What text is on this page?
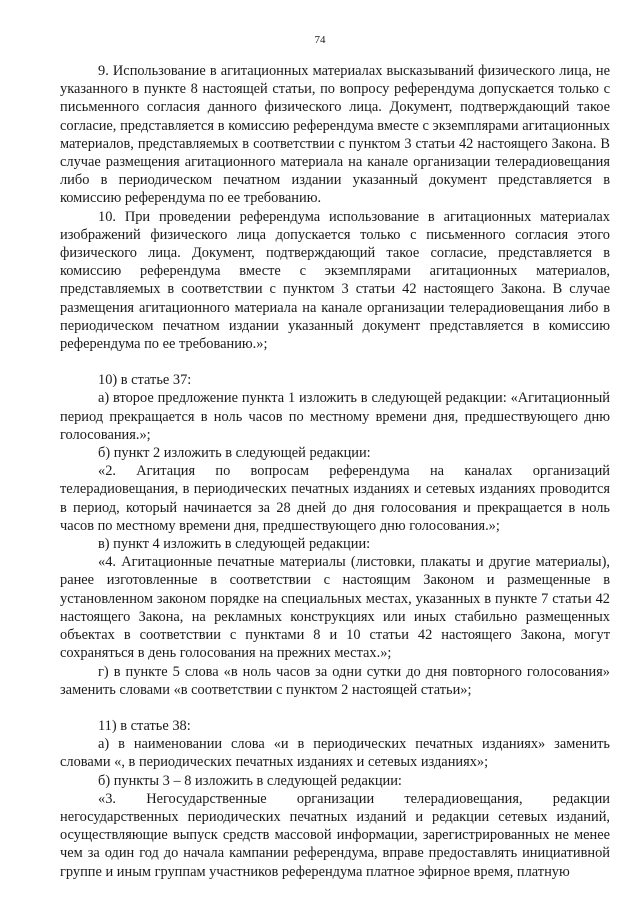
74

9. Использование в агитационных материалах высказываний физического лица, не указанного в пункте 8 настоящей статьи, по вопросу референдума допускается только с письменного согласия данного физического лица. Документ, подтверждающий такое согласие, представляется в комиссию референдума вместе с экземплярами агитационных материалов, представляемых в соответствии с пунктом 3 статьи 42 настоящего Закона. В случае размещения агитационного материала на канале организации телерадиовещания либо в периодическом печатном издании указанный документ представляется в комиссию референдума по ее требованию.

10. При проведении референдума использование в агитационных материалах изображений физического лица допускается только с письменного согласия этого физического лица. Документ, подтверждающий такое согласие, представляется в комиссию референдума вместе с экземплярами агитационных материалов, представляемых в соответствии с пунктом 3 статьи 42 настоящего Закона. В случае размещения агитационного материала на канале организации телерадиовещания либо в периодическом печатном издании указанный документ представляется в комиссию референдума по ее требованию.»;

10) в статье 37:

а) второе предложение пункта 1 изложить в следующей редакции: «Агитационный период прекращается в ноль часов по местному времени дня, предшествующего дню голосования.»;

б) пункт 2 изложить в следующей редакции:

«2. Агитация по вопросам референдума на каналах организаций телерадиовещания, в периодических печатных изданиях и сетевых изданиях проводится в период, который начинается за 28 дней до дня голосования и прекращается в ноль часов по местному времени дня, предшествующего дню голосования.»;

в) пункт 4 изложить в следующей редакции:

«4. Агитационные печатные материалы (листовки, плакаты и другие материалы), ранее изготовленные в соответствии с настоящим Законом и размещенные в установленном законом порядке на специальных местах, указанных в пункте 7 статьи 42 настоящего Закона, на рекламных конструкциях или иных стабильно размещенных объектах в соответствии с пунктами 8 и 10 статьи 42 настоящего Закона, могут сохраняться в день голосования на прежних местах.»;

г) в пункте 5 слова «в ноль часов за одни сутки до дня повторного голосования» заменить словами «в соответствии с пунктом 2 настоящей статьи»;

11) в статье 38:

а) в наименовании слова «и в периодических печатных изданиях» заменить словами «, в периодических печатных изданиях и сетевых изданиях»;

б) пункты 3 – 8 изложить в следующей редакции:

«3. Негосударственные организации телерадиовещания, редакции негосударственных периодических печатных изданий и редакции сетевых изданий, осуществляющие выпуск средств массовой информации, зарегистрированных не менее чем за один год до начала кампании референдума, вправе предоставлять инициативной группе и иным группам участников референдума платное эфирное время, платную
